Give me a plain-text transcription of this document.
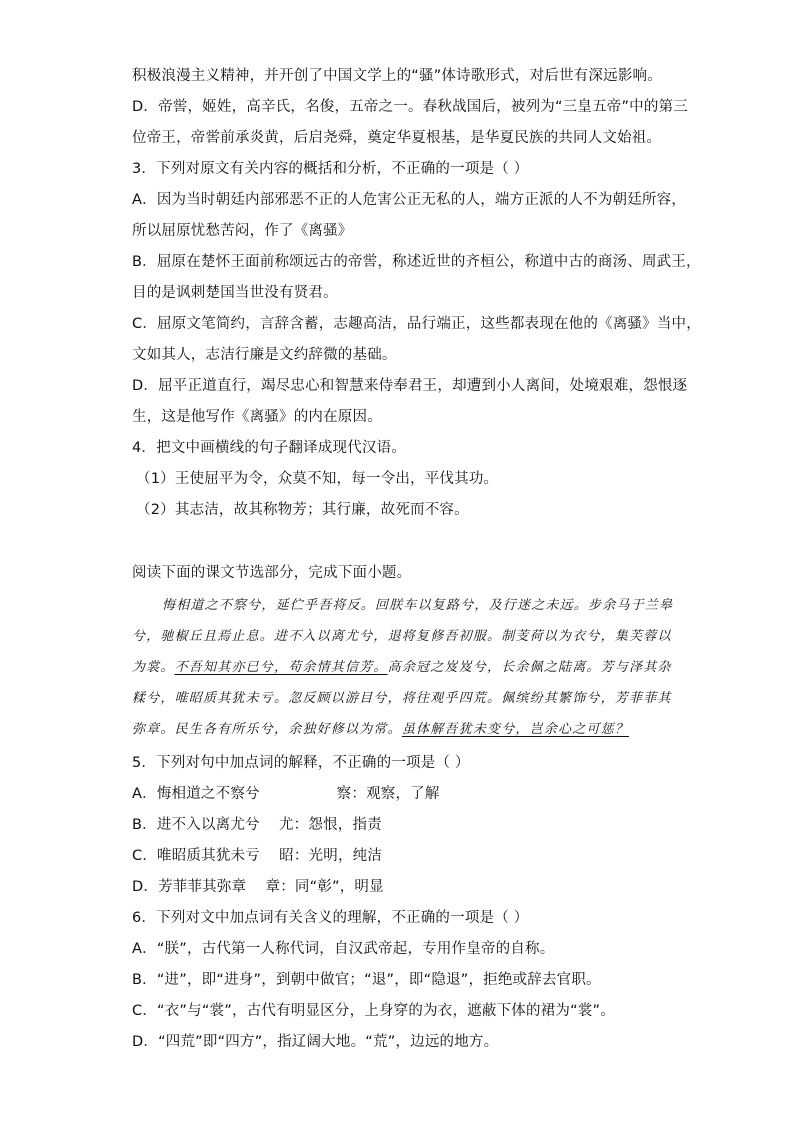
积极浪漫主义精神，并开创了中国文学上的“骚”体诗歌形式，对后世有深远影响。
D．帝喾，姬姓，高辛氏，名俊，五帝之一。春秋战国后，被列为“三皇五帝”中的第三
位帝王，帝喾前承炎黄，后启尧舜，奠定华夏根基，是华夏民族的共同人文始祖。
3．下列对原文有关内容的概括和分析，不正确的一项是（ ）
A．因为当时朝廷内部邪恶不正的人危害公正无私的人，端方正派的人不为朝廷所容，
所以屈原忧愁苦闷，作了《离骚》
B．屈原在楚怀王面前称颂远古的帝喾，称述近世的齐桓公，称道中古的商汤、周武王，
目的是讽刺楚国当世没有贤君。
C．屈原文笔简约，言辞含蓄，志趣高洁，品行端正，这些都表现在他的《离骚》当中，
文如其人，志洁行廉是文约辞微的基础。
D．屈平正道直行，竭尽忠心和智慧来侍奉君王，却遭到小人离间，处境艰难，怨恨逐
生，这是他写作《离骚》的内在原因。
4．把文中画横线的句子翻译成现代汉语。
（1）王使屈平为令，众莫不知，每一令出，平伐其功。
（2）其志洁，故其称物芳；其行廉，故死而不容。
阅读下面的课文节选部分，完成下面小题。
悔相道之不察兮，延伫乎吾将反。回朕车以复路兮，及行迷之未远。步余马于兰皋
兮，驰椒丘且焉止息。进不入以离尤兮，退将复修吾初服。制芰荷以为衣兮，集芙蓉以
为裳。不吾知其亦已兮，苟余情其信芳。高余冠之岌岌兮，长余佩之陆离。芳与泽其杂
糅兮，唯昭质其犹未亏。忽反顾以游目兮，将往观乎四荒。佩缤纷其繁饰兮，芳菲菲其
弥章。民生各有所乐兮，余独好修以为常。虽体解吾犹未变兮，岂余心之可惩？
5．下列对句中加点词的解释，不正确的一项是（ ）
A．悔相道之不察兮                察：观察，了解
B．进不入以离尤兮    尤：怨恨，指责
C．唯昭质其犹未亏    昭：光明，纯洁
D．芳菲菲其弥章    章：同“彰”，明显
6．下列对文中加点词有关含义的理解，不正确的一项是（ ）
A．“朕”，古代第一人称代词，自汉武帝起，专用作皇帝的自称。
B．“进”，即“进身”，到朝中做官；“退”，即“隐退”，拒绝或辞去官职。
C．“衣”与“裳”，古代有明显区分，上身穿的为衣，遮蔽下体的裙为“裳”。
D．“四荒”即“四方”，指辽阔大地。“荒”，边远的地方。
